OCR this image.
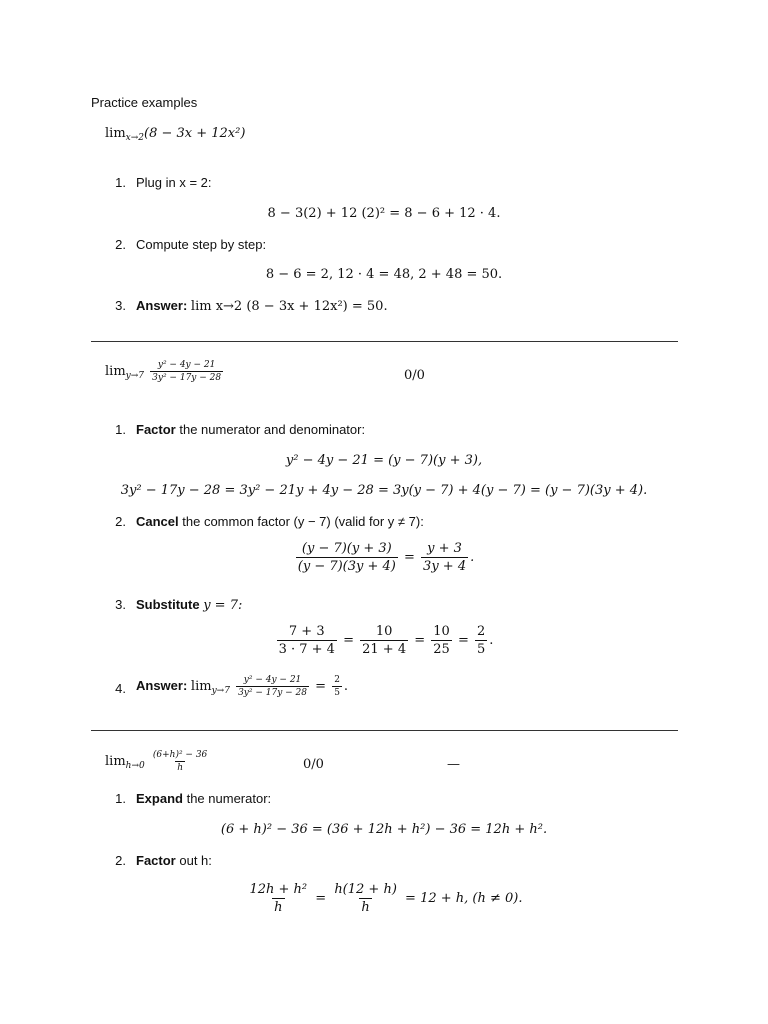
Practice examples
$\lim_{x\to 2}(8 - 3x + 12x^2)$
1. Plug in x = 2:
8 − 3(2) + 12 (2)² = 8 − 6 + 12 · 4.
2. Compute step by step:
8 − 6 = 2, 12 · 4 = 48, 2 + 48 = 50.
3. Answer: lim x→2 (8 − 3x + 12x²) = 50.
$\lim_{y\to 7} \frac{\text{y² − 4y − 21}}{\text{3y² − 17y − 28}}$	0/0
1. Factor the numerator and denominator:
y² − 4y − 21 = (y − 7)(y + 3),
3y² − 17y − 28 = 3y² − 21y + 4y − 28 = 3y(y − 7) + 4(y − 7) = (y − 7)(3y + 4).
2. Cancel the common factor (y − 7) (valid for y ≠ 7):
$\frac{(y - 7)(y + 3)}{(y - 7)(3y + 4)} = \frac{y + 3}{3y + 4}$ .
3. Substitute y = 7:
$\frac{7 + 3}{3 \cdot 7 + 4} = \frac{10}{21 + 4} = \frac{10}{25} = \frac{2}{5}$ .
4. Answer: $\lim_{y\to 7} \frac{\text{y² − 4y − 21}}{\text{3y² − 17y − 28}} = \frac{2}{5}$ .
$\lim_{h\to 0} \frac{\text{(6+h)² − 36}}{h}$	0/0	—
1. Expand the numerator:
(6 + h)² − 36 = (36 + 12h + h²) − 36 = 12h + h².
2. Factor out h:
$\frac{\text{12h + h²}}{h} = \frac{h(12 + h)}{h} = 12 + h$, (h ≠ 0).
